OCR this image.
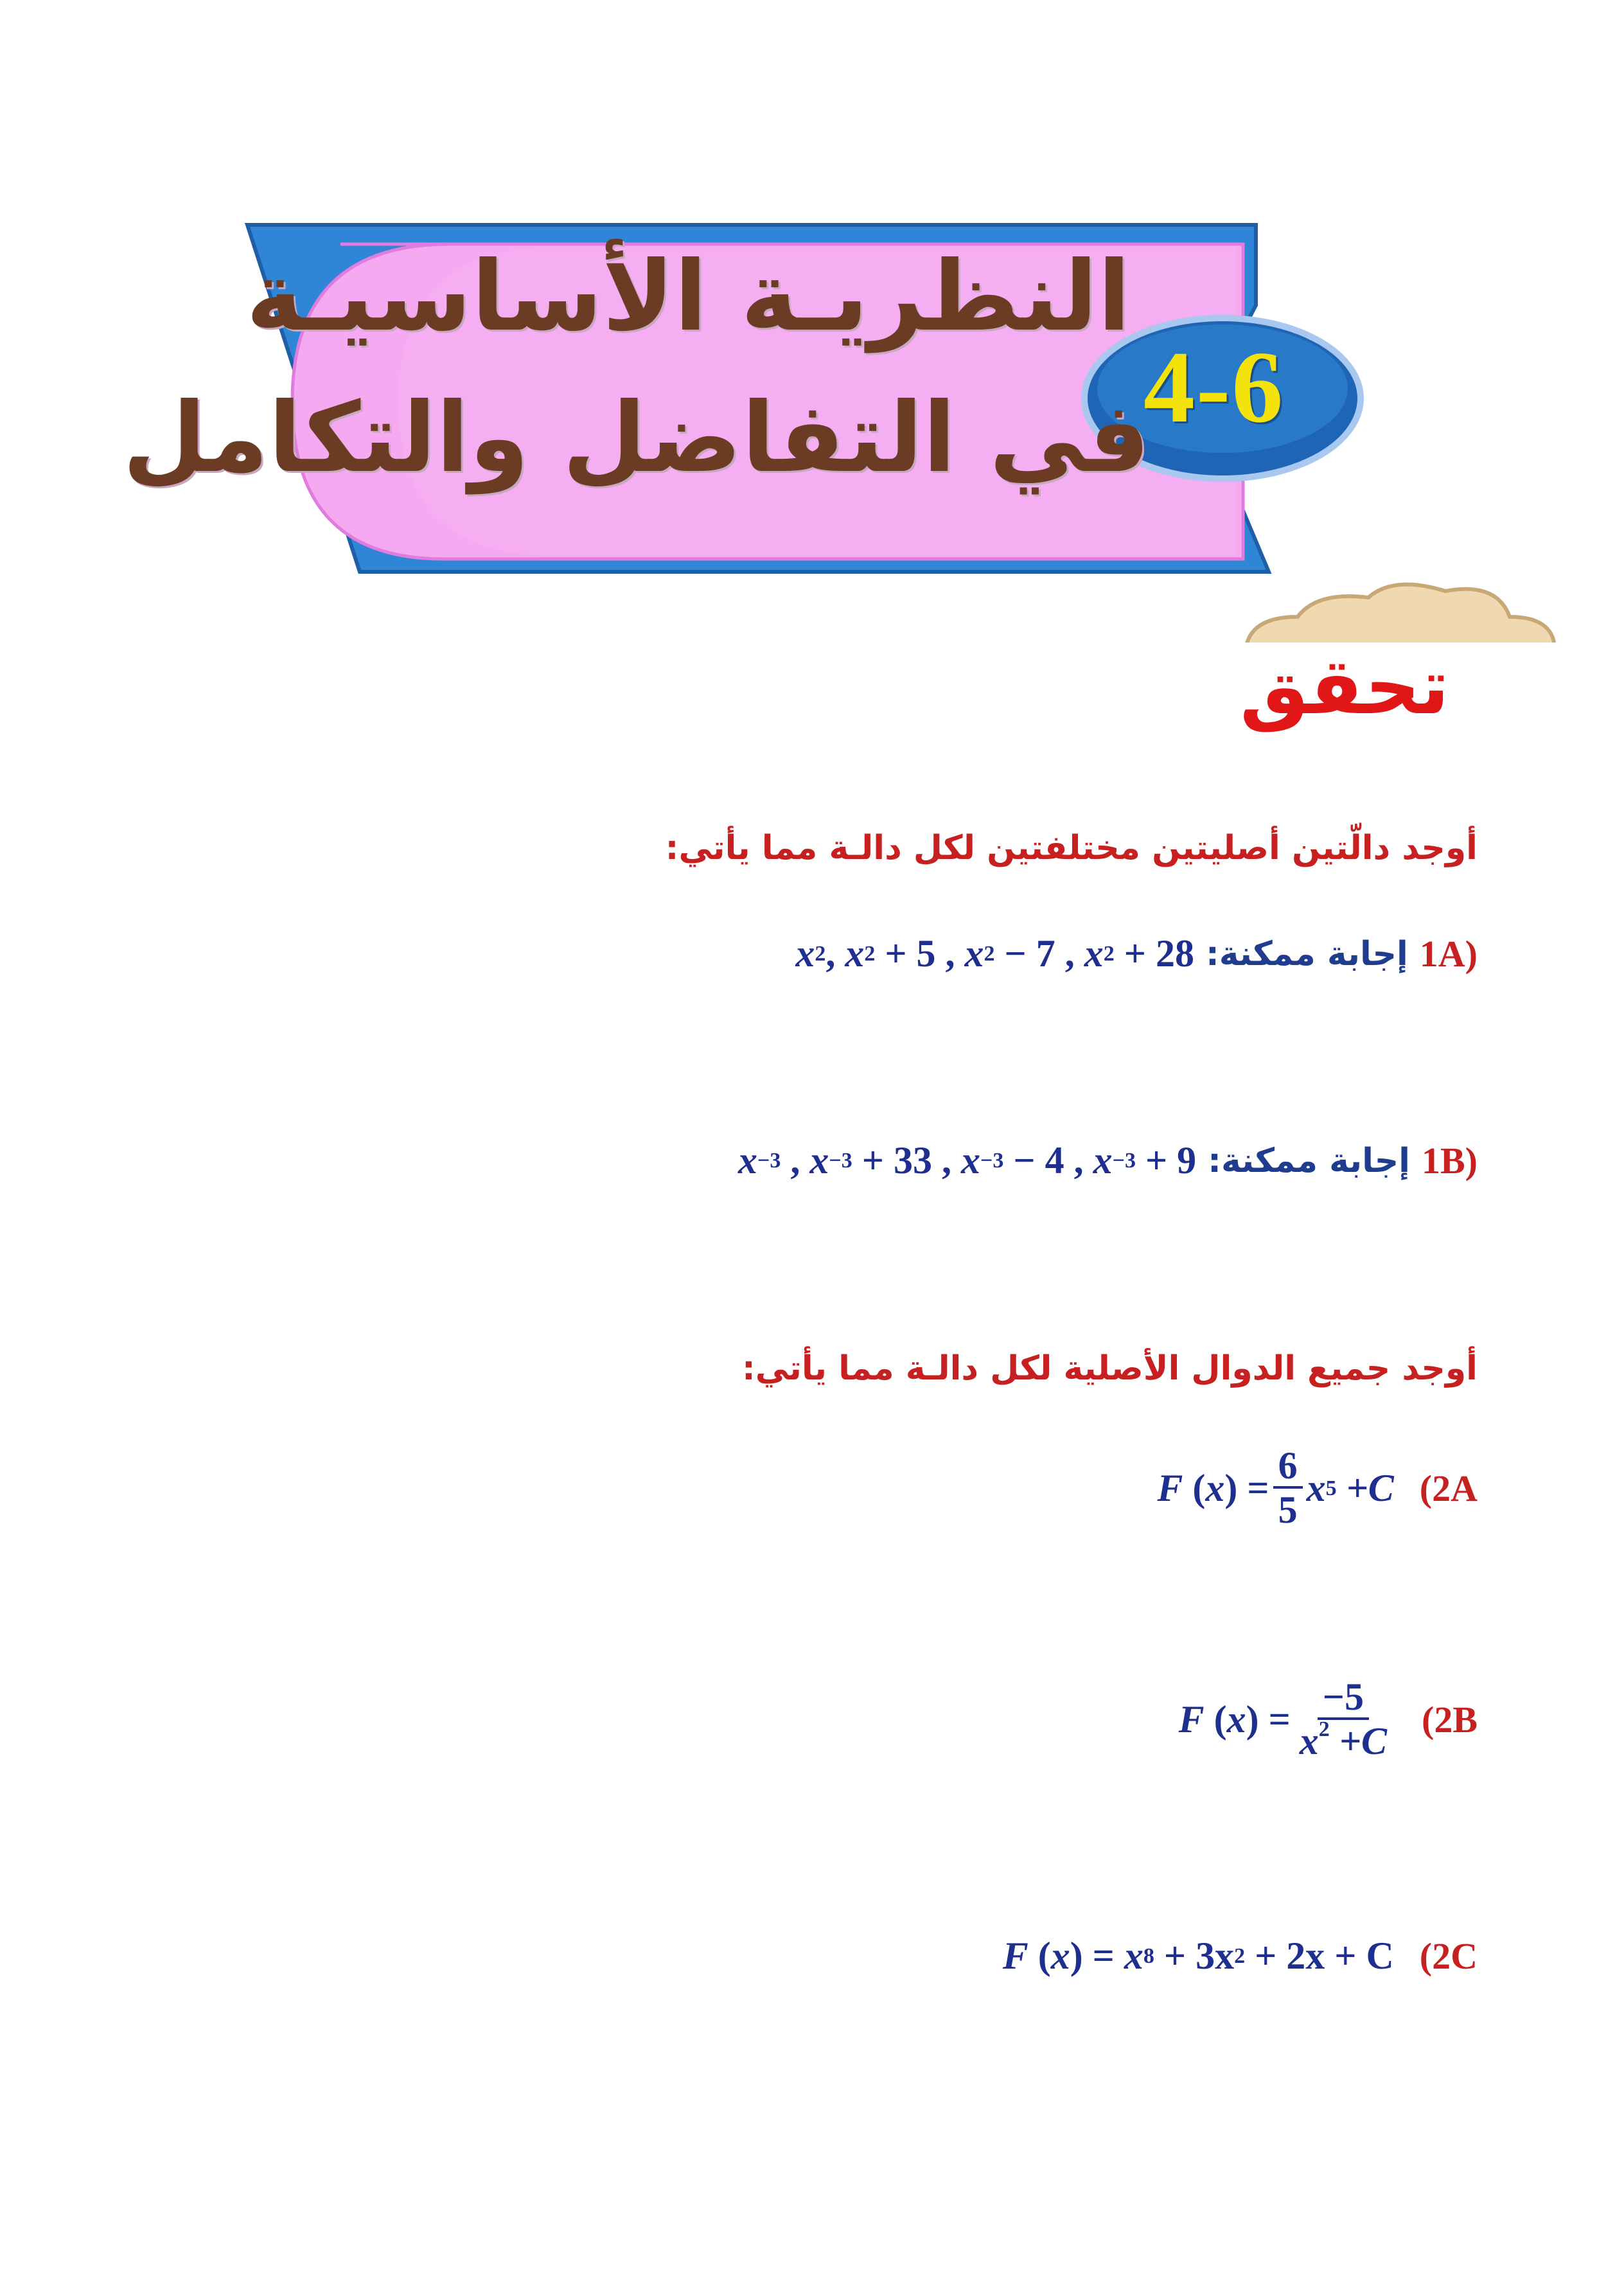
النظريـة الأساسيـة
في التفاضل والتكامل
4-6
تحقق
أوجد دالّتين أصليتين مختلفتين لكل دالـة مما يأتي:
1A)
إجابة ممكنة:
x 2 , x 2 + 5 , x 2 − 7 , x 2 + 28
1B)
إجابة ممكنة:
x −3 , x −3 + 33 , x −3 − 4 , x −3 + 9
أوجد جميع الدوال الأصلية لكل دالـة مما يأتي:
(2A
F ( x ) = $\frac{6}{5}$ x 5
+C
(2B
F ( x ) = $\frac{-5}{x^2 +C}$
(2C
F ( x ) = x 8
+ 3x 2
+ 2x + C
